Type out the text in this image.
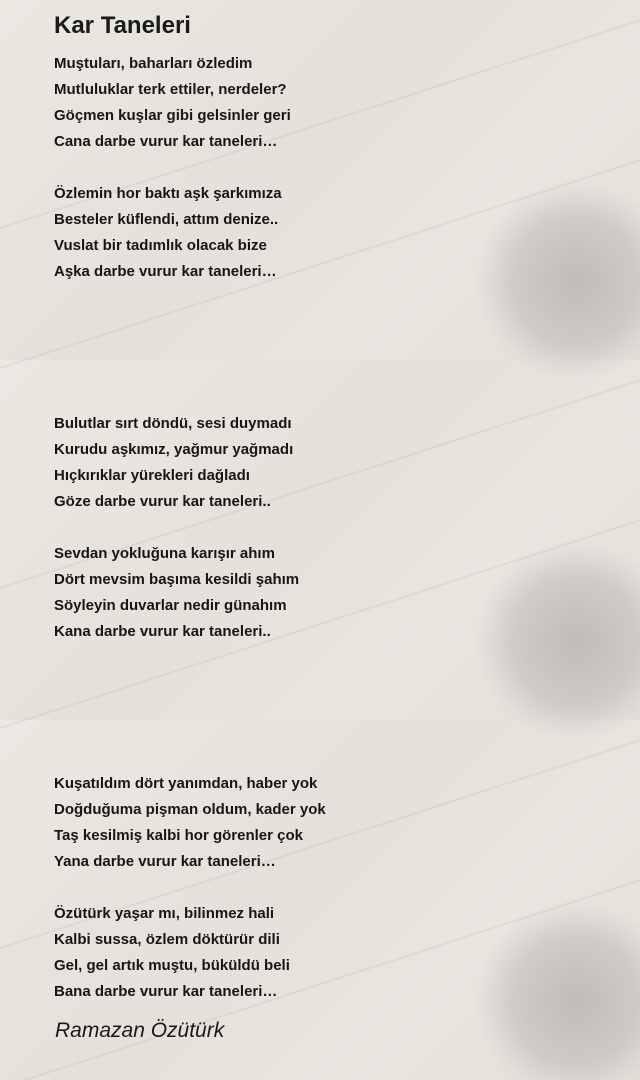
Kar Taneleri
Muştuları, baharları özledim
Mutluluklar terk ettiler, nerdeler?
Göçmen kuşlar gibi gelsinler geri
Cana darbe vurur kar taneleri…
Özlemin hor baktı aşk şarkımıza
Besteler küflendi, attım denize..
Vuslat bir tadımlık olacak bize
Aşka darbe vurur kar taneleri…
Bulutlar sırt döndü, sesi duymadı
Kurudu aşkımız, yağmur yağmadı
Hıçkırıklar yürekleri dağladı
Göze darbe vurur kar taneleri..
Sevdan yokluğuna karışır ahım
Dört mevsim başıma kesildi şahım
Söyleyin duvarlar nedir günahım
Kana darbe vurur kar taneleri..
Kuşatıldım dört yanımdan, haber yok
Doğduğuma pişman oldum, kader yok
Taş kesilmiş kalbi hor görenler çok
Yana darbe vurur kar taneleri…
Özütürk yaşar mı, bilinmez hali
Kalbi sussa, özlem döktürür dili
Gel, gel artık muştu, büküldü beli
Bana darbe vurur kar taneleri…
Ramazan Özütürk
